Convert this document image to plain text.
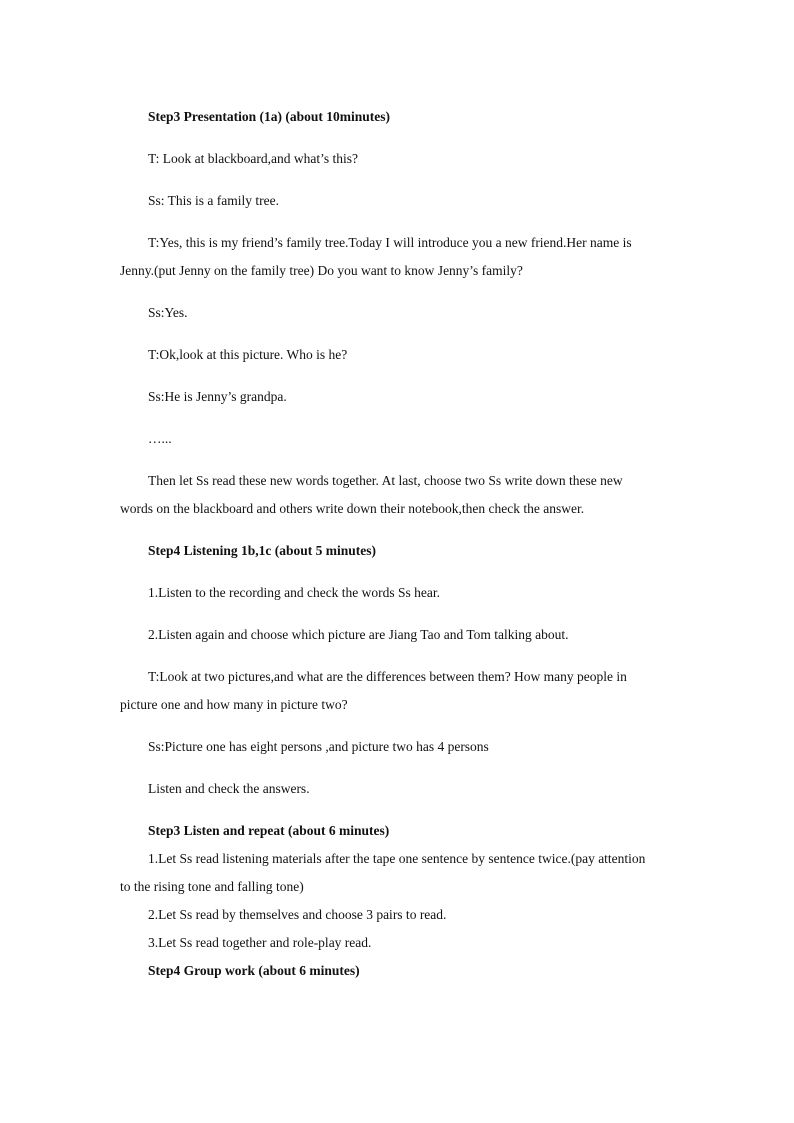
Step3 Presentation (1a) (about 10minutes)
T: Look at blackboard,and what’s this?
Ss: This is a family tree.
T:Yes, this is my friend’s family tree.Today I will introduce you a new friend.Her name is
Jenny.(put Jenny on the family tree) Do you want to know Jenny’s family?
Ss:Yes.
T:Ok,look at this picture. Who is he?
Ss:He is Jenny’s grandpa.
…...
Then let Ss read these new words together. At last, choose two Ss write down these new
words on the blackboard and others write down their notebook,then check the answer.
Step4 Listening 1b,1c (about 5 minutes)
1.Listen to the recording and check the words Ss hear.
2.Listen again and choose which picture are Jiang Tao and Tom talking about.
T:Look at two pictures,and what are the differences between them? How many people in
picture one and how many in picture two?
Ss:Picture one has eight persons ,and picture two has 4 persons
Listen and check the answers.
Step3 Listen and repeat (about 6 minutes)
1.Let Ss read listening materials after the tape one sentence by sentence twice.(pay attention
to the rising tone and falling tone)
2.Let Ss read by themselves and choose 3 pairs to read.
3.Let Ss read together and role-play read.
Step4 Group work (about 6 minutes)
